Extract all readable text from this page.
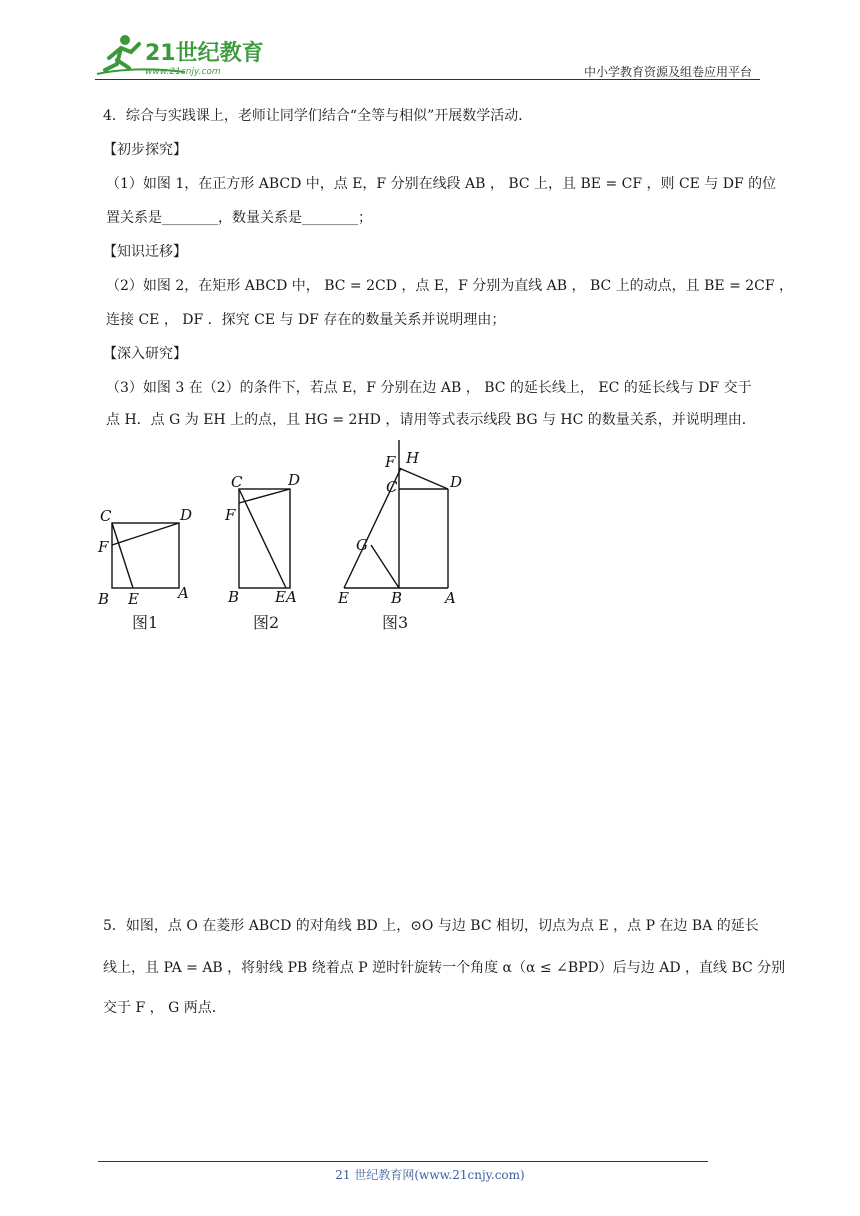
21世纪教育
www.21cnjy.com	中小学教育资源及组卷应用平台
4．综合与实践课上，老师让同学们结合“全等与相似”开展数学活动．
【初步探究】
（1）如图 1，在正方形 ABCD 中，点 E，F 分别在线段 AB ， BC 上，且 BE = CF ，则 CE 与 DF 的位
置关系是________，数量关系是________；
【知识迁移】
（2）如图 2，在矩形 ABCD 中， BC = 2CD ，点 E，F 分别为直线 AB ， BC 上的动点，且 BE = 2CF ，
连接 CE ， DF ．探究 CE 与 DF 存在的数量关系并说明理由；
【深入研究】
（3）如图 3 在（2）的条件下，若点 E，F 分别在边 AB ， BC 的延长线上， EC 的延长线与 DF 交于
点 H．点 G 为 EH 上的点，且 HG = 2HD ，请用等式表示线段 BG 与 HC 的数量关系，并说明理由．
C	D
F
B E	A
图1
C	D
F
B EA
图2
F H
C	D
G
E	B	A
图3
5．如图，点 O 在菱形 ABCD 的对角线 BD 上，⊙O 与边 BC 相切，切点为点 E ，点 P 在边 BA 的延长
线上，且 PA = AB ，将射线 PB 绕着点 P 逆时针旋转一个角度 α（α ≤ ∠BPD）后与边 AD ，直线 BC 分别
交于 F ， G 两点．
21 世纪教育网(www.21cnjy.com)
